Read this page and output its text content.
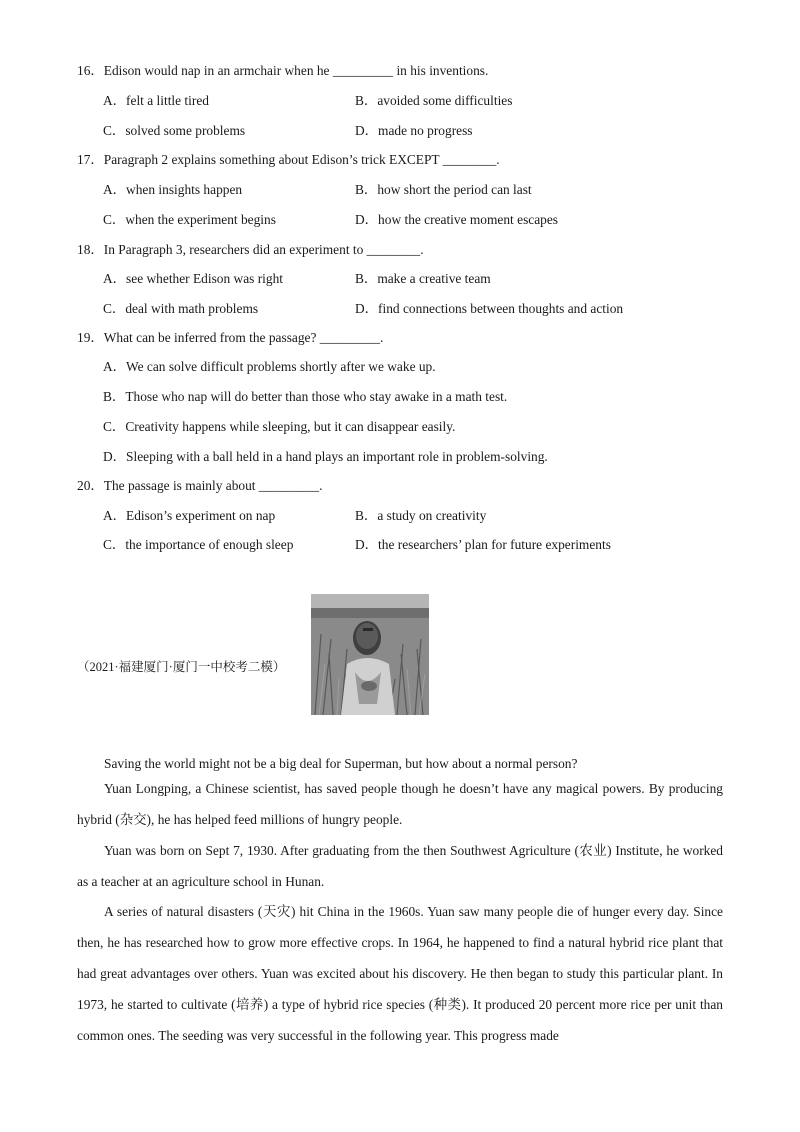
16．Edison would nap in an armchair when he _________ in his inventions.
A．felt a little tired	B．avoided some difficulties
C．solved some problems	D．made no progress
17．Paragraph 2 explains something about Edison’s trick EXCEPT ________.
A．when insights happen	B．how short the period can last
C．when the experiment begins	D．how the creative moment escapes
18．In Paragraph 3, researchers did an experiment to ________.
A．see whether Edison was right	B．make a creative team
C．deal with math problems	D．find connections between thoughts and action
19．What can be inferred from the passage? _________.
A．We can solve difficult problems shortly after we wake up.
B．Those who nap will do better than those who stay awake in a math test.
C．Creativity happens while sleeping, but it can disappear easily.
D．Sleeping with a ball held in a hand plays an important role in problem-solving.
20．The passage is mainly about _________.
A．Edison’s experiment on nap	B．a study on creativity
C．the importance of enough sleep	D．the researchers’ plan for future experiments
（2021·福建厦门·厦门一中校考二模）
Saving the world might not be a big deal for Superman, but how about a normal person?
Yuan Longping, a Chinese scientist, has saved people though he doesn’t have any magical powers. By producing hybrid (杂交), he has helped feed millions of hungry people.
Yuan was born on Sept 7, 1930. After graduating from the then Southwest Agriculture (农业) Institute, he worked as a teacher at an agriculture school in Hunan.
A series of natural disasters (天灾) hit China in the 1960s. Yuan saw many people die of hunger every day. Since then, he has researched how to grow more effective crops. In 1964, he happened to find a natural hybrid rice plant that had great advantages over others. Yuan was excited about his discovery. He then began to study this particular plant. In 1973, he started to cultivate (培养) a type of hybrid rice species (种类). It produced 20 percent more rice per unit than common ones. The seeding was very successful in the following year. This progress made
